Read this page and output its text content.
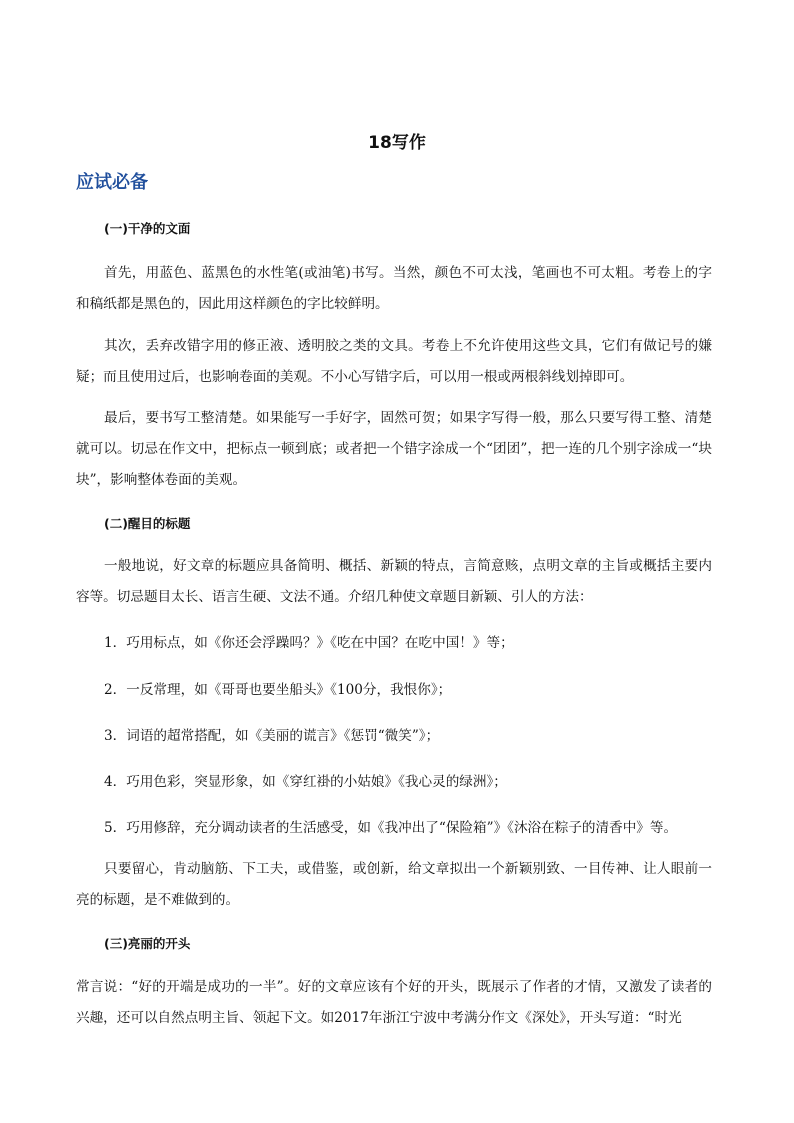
18写作
应试必备
(一)干净的文面
首先，用蓝色、蓝黑色的水性笔(或油笔)书写。当然，颜色不可太浅，笔画也不可太粗。考卷上的字和稿纸都是黑色的，因此用这样颜色的字比较鲜明。
其次，丢弃改错字用的修正液、透明胶之类的文具。考卷上不允许使用这些文具，它们有做记号的嫌疑；而且使用过后，也影响卷面的美观。不小心写错字后，可以用一根或两根斜线划掉即可。
最后，要书写工整清楚。如果能写一手好字，固然可贺；如果字写得一般，那么只要写得工整、清楚就可以。切忌在作文中，把标点一顿到底；或者把一个错字涂成一个“团团”，把一连的几个别字涂成一“块块”，影响整体卷面的美观。
(二)醒目的标题
一般地说，好文章的标题应具备简明、概括、新颖的特点，言简意赅，点明文章的主旨或概括主要内容等。切忌题目太长、语言生硬、文法不通。介绍几种使文章题目新颖、引人的方法：
1．巧用标点，如《你还会浮躁吗？》《吃在中国？在吃中国！》等；
2．一反常理，如《哥哥也要坐船头》《100分，我恨你》；
3．词语的超常搭配，如《美丽的谎言》《惩罚“微笑”》；
4．巧用色彩，突显形象，如《穿红褂的小姑娘》《我心灵的绿洲》；
5．巧用修辞，充分调动读者的生活感受，如《我冲出了“保险箱”》《沐浴在粽子的清香中》等。
只要留心，肯动脑筋、下工夫，或借鉴，或创新，给文章拟出一个新颖别致、一目传神、让人眼前一亮的标题，是不难做到的。
(三)亮丽的开头
常言说：“好的开端是成功的一半”。好的文章应该有个好的开头，既展示了作者的才情，又激发了读者的兴趣，还可以自然点明主旨、领起下文。如2017年浙江宁波中考满分作文《深处》，开头写道：“时光
